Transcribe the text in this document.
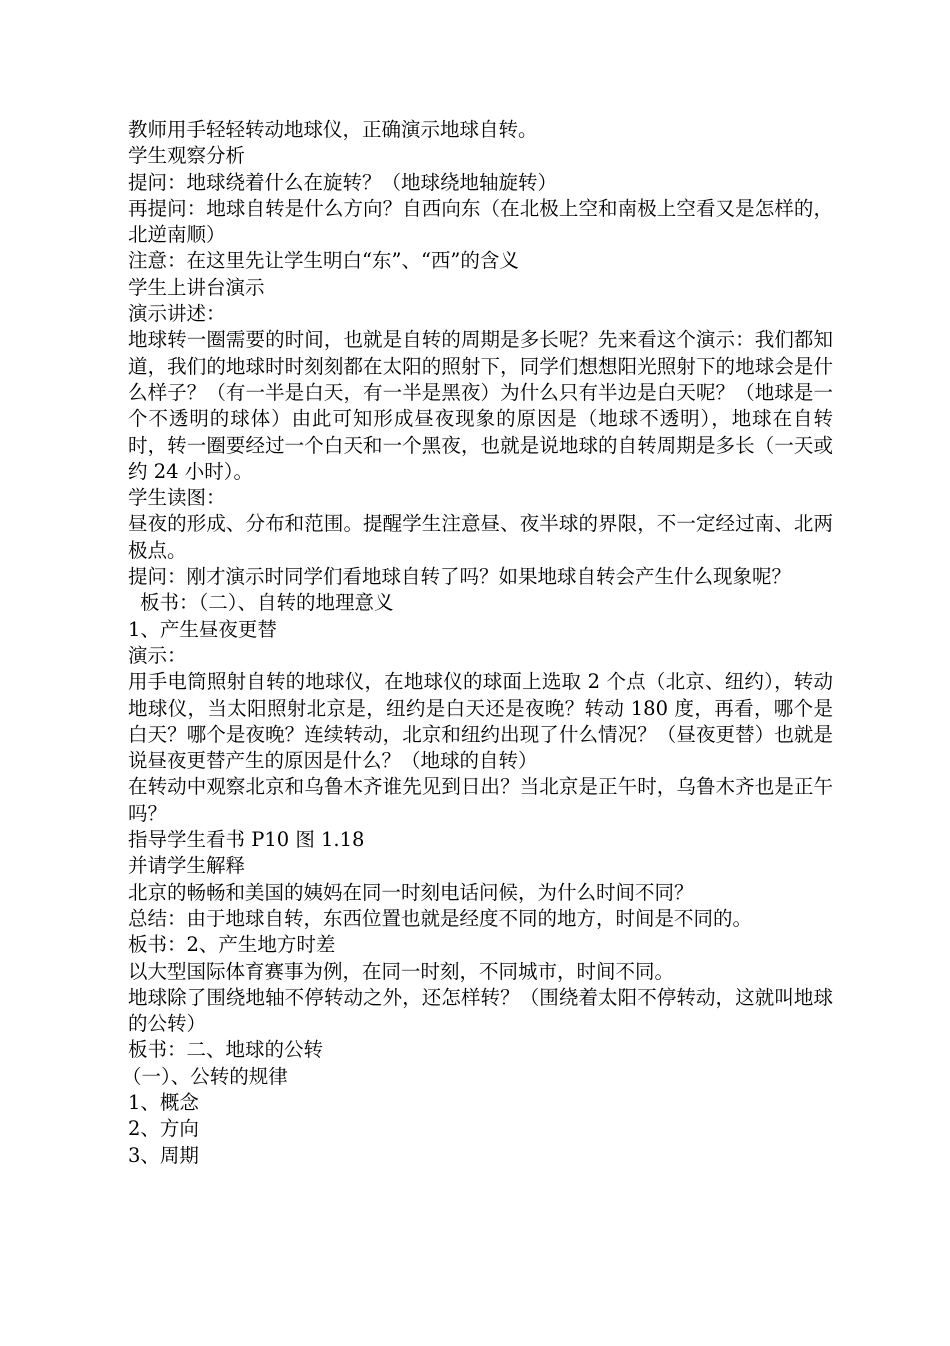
教师用手轻轻转动地球仪，正确演示地球自转。

学生观察分析

提问：地球绕着什么在旋转？（地球绕地轴旋转）

再提问：地球自转是什么方向？自西向东（在北极上空和南极上空看又是怎样的，北逆南顺）

注意：在这里先让学生明白“东”、“西”的含义

学生上讲台演示

演示讲述：

地球转一圈需要的时间，也就是自转的周期是多长呢？先来看这个演示：我们都知道，我们的地球时时刻刻都在太阳的照射下，同学们想想阳光照射下的地球会是什么样子？（有一半是白天，有一半是黑夜）为什么只有半边是白天呢？（地球是一个不透明的球体）由此可知形成昼夜现象的原因是（地球不透明），地球在自转时，转一圈要经过一个白天和一个黑夜，也就是说地球的自转周期是多长（一天或约 24 小时）。

学生读图：

昼夜的形成、分布和范围。提醒学生注意昼、夜半球的界限，不一定经过南、北两极点。

提问：刚才演示时同学们看地球自转了吗？如果地球自转会产生什么现象呢？

板书：（二）、自转的地理意义

1、产生昼夜更替

演示：

用手电筒照射自转的地球仪，在地球仪的球面上选取 2 个点（北京、纽约），转动地球仪，当太阳照射北京是，纽约是白天还是夜晚？转动 180 度，再看，哪个是白天？哪个是夜晚？连续转动，北京和纽约出现了什么情况？（昼夜更替）也就是说昼夜更替产生的原因是什么？（地球的自转）

在转动中观察北京和乌鲁木齐谁先见到日出？当北京是正午时，乌鲁木齐也是正午吗？

指导学生看书 P10 图 1.18

并请学生解释

北京的畅畅和美国的姨妈在同一时刻电话问候，为什么时间不同？

总结：由于地球自转，东西位置也就是经度不同的地方，时间是不同的。

板书：2、产生地方时差

以大型国际体育赛事为例，在同一时刻，不同城市，时间不同。

地球除了围绕地轴不停转动之外，还怎样转？（围绕着太阳不停转动，这就叫地球的公转）

板书：二、地球的公转

（一）、公转的规律

1、概念

2、方向

3、周期
